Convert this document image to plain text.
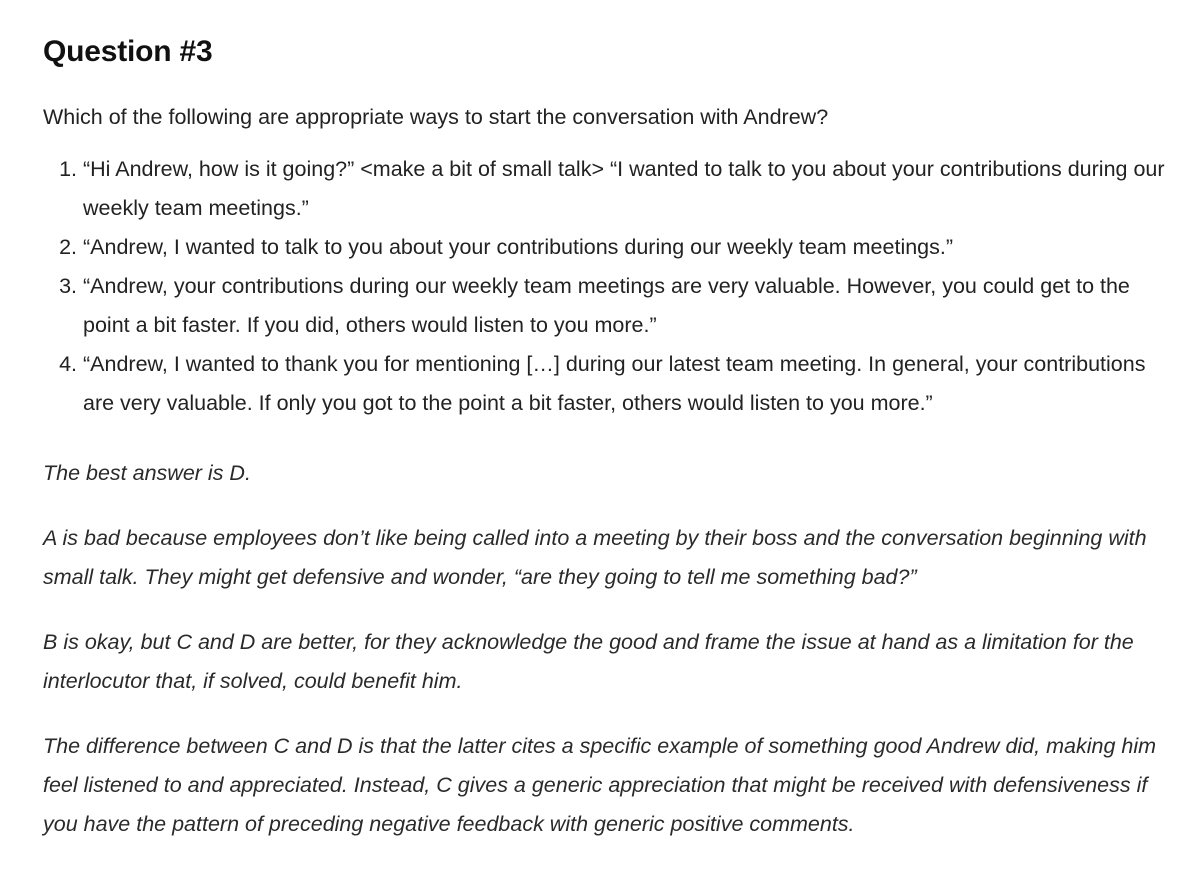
Question #3

Which of the following are appropriate ways to start the conversation with Andrew?

1. “Hi Andrew, how is it going?” <make a bit of small talk> “I wanted to talk to you about your contributions during our weekly team meetings.”
2. “Andrew, I wanted to talk to you about your contributions during our weekly team meetings.”
3. “Andrew, your contributions during our weekly team meetings are very valuable. However, you could get to the point a bit faster. If you did, others would listen to you more.”
4. “Andrew, I wanted to thank you for mentioning […] during our latest team meeting. In general, your contributions are very valuable. If only you got to the point a bit faster, others would listen to you more.”

The best answer is D.

A is bad because employees don’t like being called into a meeting by their boss and the conversation beginning with small talk. They might get defensive and wonder, “are they going to tell me something bad?”

B is okay, but C and D are better, for they acknowledge the good and frame the issue at hand as a limitation for the interlocutor that, if solved, could benefit him.

The difference between C and D is that the latter cites a specific example of something good Andrew did, making him feel listened to and appreciated. Instead, C gives a generic appreciation that might be received with defensiveness if you have the pattern of preceding negative feedback with generic positive comments.
